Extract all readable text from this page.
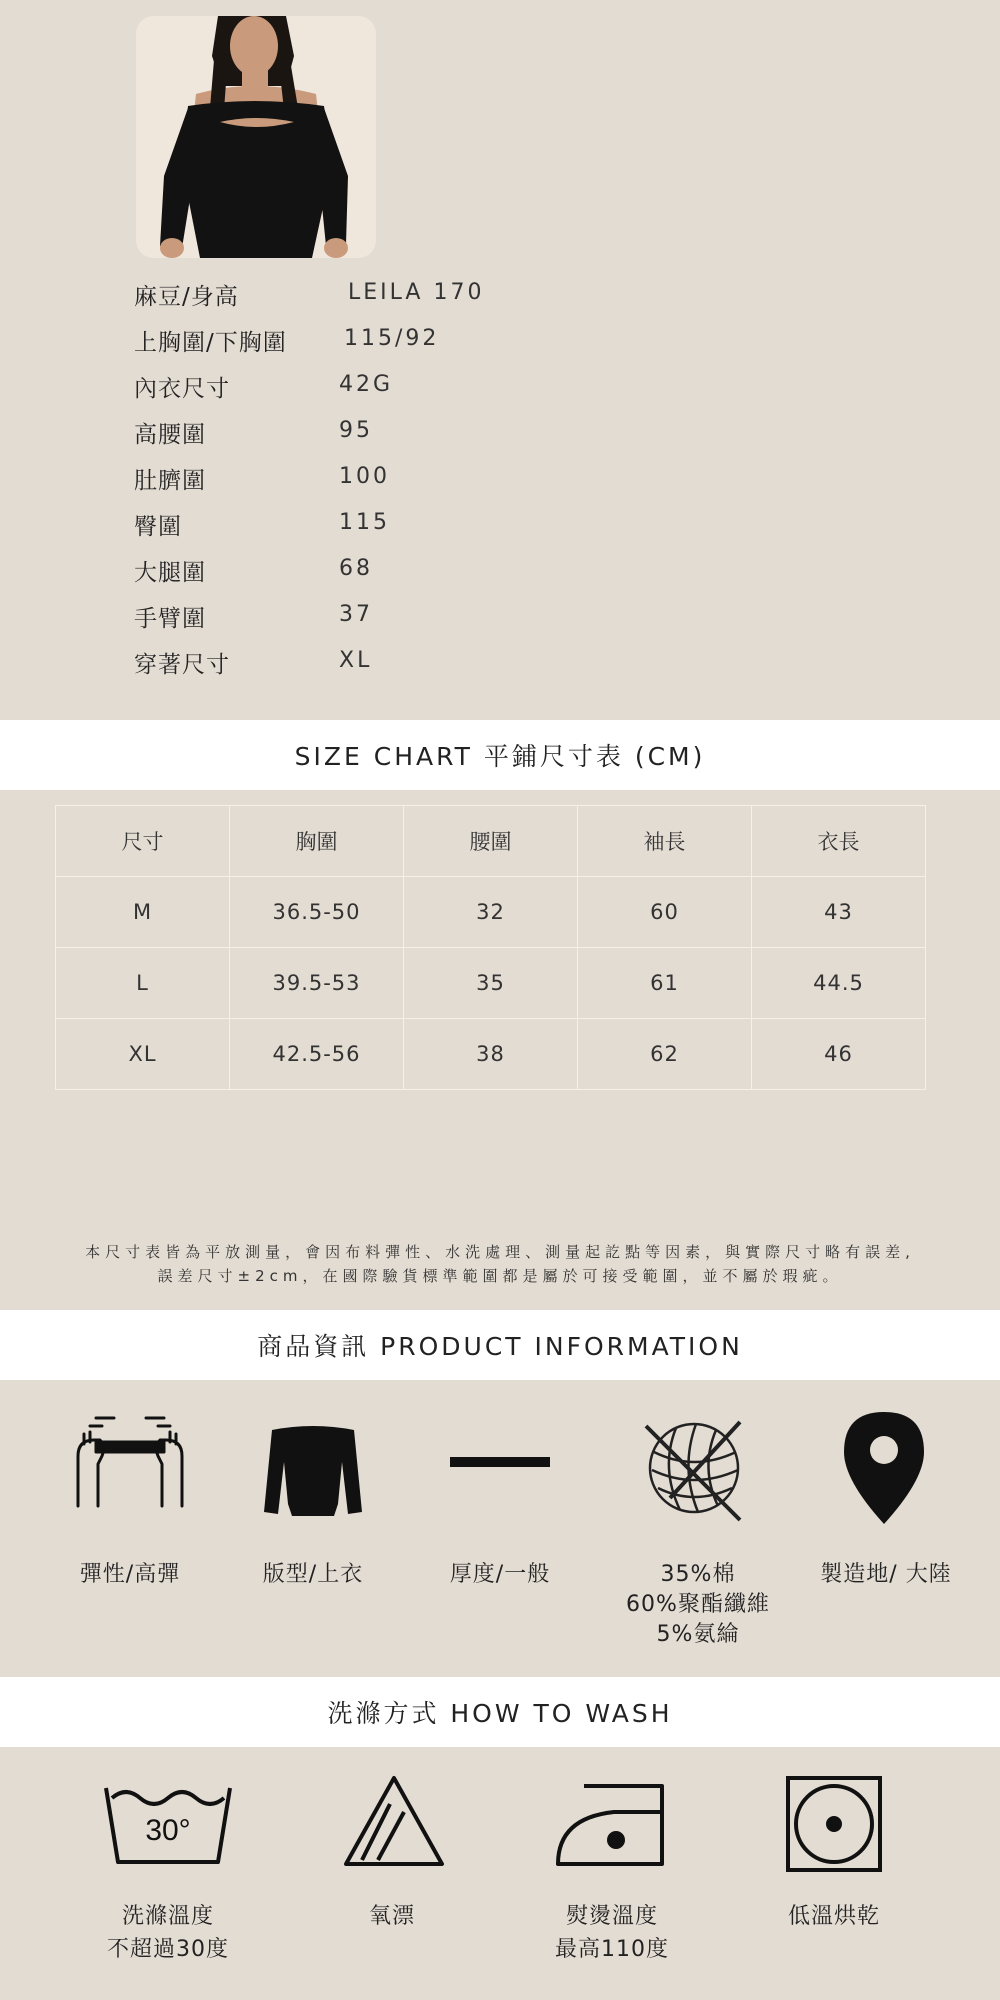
麻豆/身高	LEILA 170
上胸圍/下胸圍	115/92
內衣尺寸	42G
高腰圍	95
肚臍圍	100
臀圍	115
大腿圍	68
手臂圍	37
穿著尺寸	XL
SIZE CHART 平鋪尺寸表 (CM)
尺寸	胸圍	腰圍	袖長	衣長
M	36.5-50	32	60	43
L	39.5-53	35	61	44.5
XL	42.5-56	38	62	46
本尺寸表皆為平放測量，會因布料彈性、水洗處理、測量起訖點等因素，與實際尺寸略有誤差,
誤差尺寸±2cm，在國際驗貨標準範圍都是屬於可接受範圍，並不屬於瑕疵。
商品資訊 PRODUCT INFORMATION
彈性/高彈	版型/上衣	厚度/一般	35%棉
60%聚酯纖維
5%氨綸
製造地/ 大陸
洗滌方式 HOW TO WASH
30°
洗滌溫度
不超過30度
氧漂	熨燙溫度
最高110度
低溫烘乾
